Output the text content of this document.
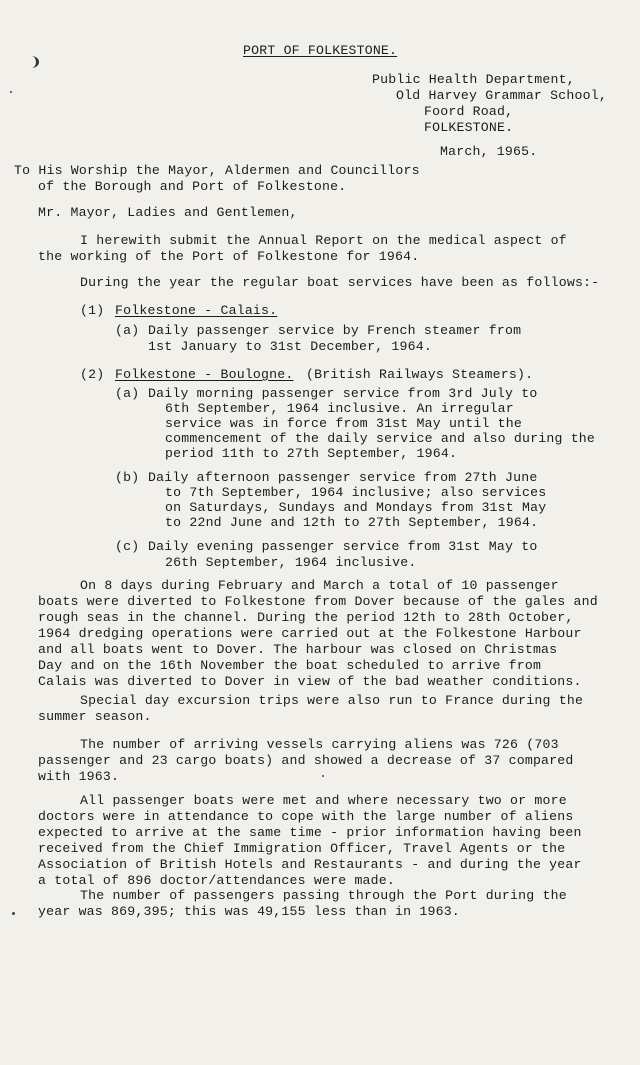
PORT OF FOLKESTONE.
Public Health Department,
Old Harvey Grammar School,
Foord Road,
FOLKESTONE.
March, 1965.
To His Worship the Mayor, Aldermen and Councillors
of the Borough and Port of Folkestone.
Mr. Mayor, Ladies and Gentlemen,
I herewith submit the Annual Report on the medical aspect of
the working of the Port of Folkestone for 1964.
During the year the regular boat services have been as follows:-
(1) Folkestone - Calais.
(a) Daily passenger service by French steamer from
1st January to 31st December, 1964.
(2) Folkestone - Boulogne. (British Railways Steamers).
(a) Daily morning passenger service from 3rd July to
6th September, 1964 inclusive. An irregular
service was in force from 31st May until the
commencement of the daily service and also during the
period 11th to 27th September, 1964.
(b) Daily afternoon passenger service from 27th June
to 7th September, 1964 inclusive; also services
on Saturdays, Sundays and Mondays from 31st May
to 22nd June and 12th to 27th September, 1964.
(c) Daily evening passenger service from 31st May to
26th September, 1964 inclusive.
On 8 days during February and March a total of 10 passenger
boats were diverted to Folkestone from Dover because of the gales and
rough seas in the channel. During the period 12th to 28th October,
1964 dredging operations were carried out at the Folkestone Harbour
and all boats went to Dover. The harbour was closed on Christmas
Day and on the 16th November the boat scheduled to arrive from
Calais was diverted to Dover in view of the bad weather conditions.
Special day excursion trips were also run to France during the
summer season.
The number of arriving vessels carrying aliens was 726 (703
passenger and 23 cargo boats) and showed a decrease of 37 compared
with 1963.
All passenger boats were met and where necessary two or more
doctors were in attendance to cope with the large number of aliens
expected to arrive at the same time - prior information having been
received from the Chief Immigration Officer, Travel Agents or the
Association of British Hotels and Restaurants - and during the year
a total of 896 doctor/attendances were made.
The number of passengers passing through the Port during the
year was 869,395; this was 49,155 less than in 1963.
